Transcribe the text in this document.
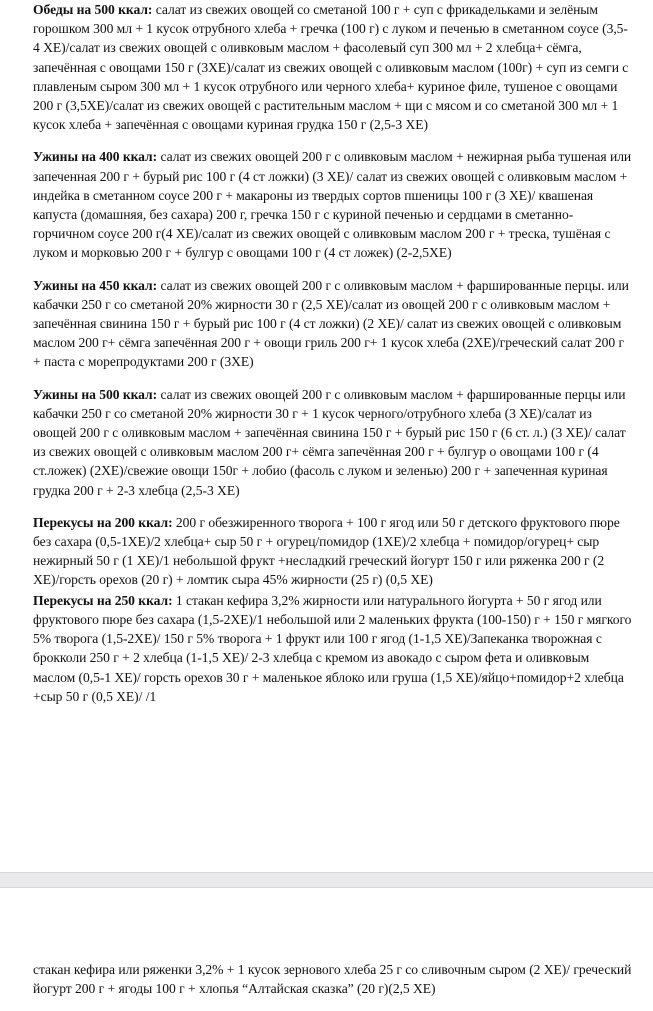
Обеды на 500 ккал: салат из свежих овощей со сметаной 100 г + суп с фрикадельками и зелёным горошком 300 мл + 1 кусок отрубного хлеба + гречка (100 г) с луком и печенью в сметанном соусе (3,5-4 ХЕ)/салат из свежих овощей с оливковым маслом + фасолевый суп 300 мл + 2 хлебца+ сёмга, запечённая с овощами 150 г (3ХЕ)/салат из свежих овощей с оливковым маслом (100г) + суп из семги с плавленым сыром 300 мл + 1 кусок отрубного или черного хлеба+ куриное филе, тушеное с овощами 200 г (3,5ХЕ)/салат из свежих овощей с растительным маслом + щи с мясом и со сметаной 300 мл + 1 кусок хлеба + запечённая с овощами куриная грудка 150 г (2,5-3 ХЕ)

Ужины на 400 ккал: салат из свежих овощей 200 г с оливковым маслом + нежирная рыба тушеная или запеченная 200 г + бурый рис 100 г (4 ст ложки) (3 ХЕ)/ салат из свежих овощей с оливковым маслом + индейка в сметанном соусе 200 г + макароны из твердых сортов пшеницы 100 г (3 ХЕ)/ квашеная капуста (домашняя, без сахара) 200 г, гречка 150 г с куриной печенью и сердцами в сметанно-горчичном соусе 200 г(4 ХЕ)/салат из свежих овощей с оливковым маслом 200 г + треска, тушёная с луком и морковью 200 г + булгур с овощами 100 г (4 ст ложек) (2-2,5ХЕ)

Ужины на 450 ккал: салат из свежих овощей 200 г с оливковым маслом + фаршированные перцы. или кабачки 250 г со сметаной 20% жирности 30 г (2,5 ХЕ)/салат из овощей 200 г с оливковым маслом + запечённая свинина 150 г + бурый рис 100 г (4 ст ложки) (2 ХЕ)/ салат из свежих овощей с оливковым маслом 200 г+ сёмга запечённая 200 г + овощи гриль 200 г+ 1 кусок хлеба (2ХЕ)/греческий салат 200 г + паста с морепродуктами 200 г (3ХЕ)

Ужины на 500 ккал: салат из свежих овощей 200 г с оливковым маслом + фаршированные перцы или кабачки 250 г со сметаной 20% жирности 30 г + 1 кусок черного/отрубного хлеба (3 ХЕ)/салат из овощей 200 г с оливковым маслом + запечённая свинина 150 г + бурый рис 150 г (6 ст. л.) (3 ХЕ)/ салат из свежих овощей с оливковым маслом 200 г+ сёмга запечённая 200 г + булгур о овощами 100 г (4 ст.ложек) (2ХЕ)/свежие овощи 150г + лобио (фасоль с луком и зеленью) 200 г + запеченная куриная грудка 200 г + 2-3 хлебца (2,5-3 ХЕ)

Перекусы на 200 ккал: 200 г обезжиренного творога + 100 г ягод или 50 г детского фруктового пюре без сахара (0,5-1ХЕ)/2 хлебца+ сыр 50 г + огурец/помидор (1ХЕ)/2 хлебца + помидор/огурец+ сыр нежирный 50 г (1 ХЕ)/1 небольшой фрукт +несладкий греческий йогурт 150 г или ряженка 200 г (2 ХЕ)/горсть орехов (20 г) + ломтик сыра 45% жирности (25 г) (0,5 ХЕ)

Перекусы на 250 ккал: 1 стакан кефира 3,2% жирности или натурального йогурта + 50 г ягод или фруктового пюре без сахара (1,5-2ХЕ)/1 небольшой или 2 маленьких фрукта (100-150) г + 150 г мягкого 5% творога (1,5-2ХЕ)/ 150 г 5% творога + 1 фрукт или 100 г ягод (1-1,5 ХЕ)/Запеканка творожная с брокколи 250 г + 2 хлебца (1-1,5 ХЕ)/ 2-3 хлебца с кремом из авокадо с сыром фета и оливковым маслом (0,5-1 ХЕ)/ горсть орехов 30 г + маленькое яблоко или груша (1,5 ХЕ)/яйцо+помидор+2 хлебца +сыр 50 г (0,5 ХЕ)/ /1

стакан кефира или ряженки 3,2% + 1 кусок зернового хлеба 25 г со сливочным сыром (2 ХЕ)/ греческий йогурт 200 г + ягоды 100 г + хлопья “Алтайская сказка” (20 г)(2,5 ХЕ)
